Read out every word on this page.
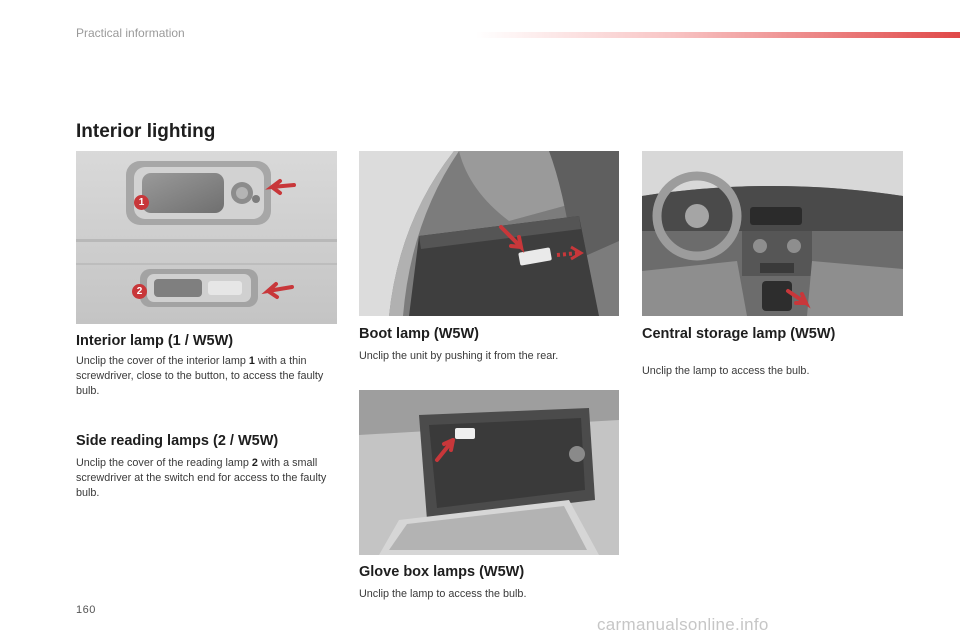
Practical information
Interior lighting
1
2
Interior lamp (1 / W5W)
Unclip the cover of the interior lamp 1 with a thin screwdriver, close to the button, to access the faulty bulb.
Side reading lamps (2 / W5W)
Unclip the cover of the reading lamp 2 with a small screwdriver at the switch end for access to the faulty bulb.
Boot lamp (W5W)
Unclip the unit by pushing it from the rear.
Glove box lamps (W5W)
Unclip the lamp to access the bulb.
Central storage lamp (W5W)
Unclip the lamp to access the bulb.
160
carmanualsonline.info
